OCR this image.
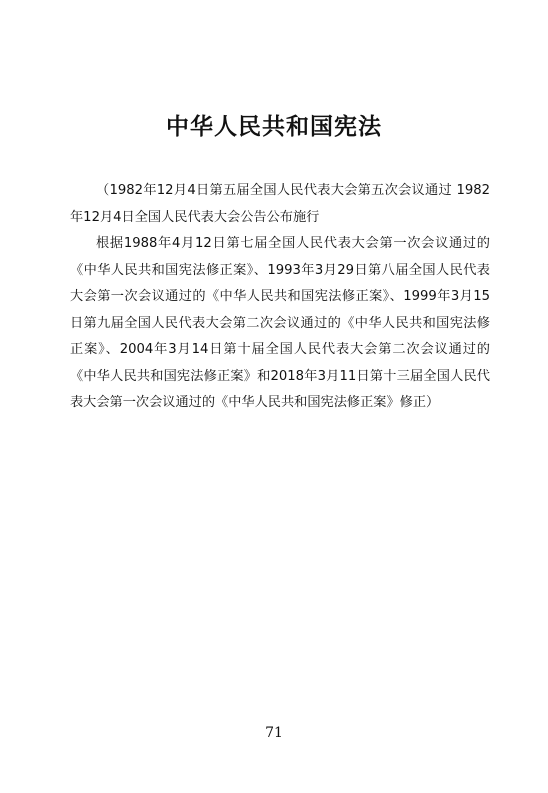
中华人民共和国宪法

（1982年12月4日第五届全国人民代表大会第五次会议通过 1982年12月4日全国人民代表大会公告公布施行

根据1988年4月12日第七届全国人民代表大会第一次会议通过的《中华人民共和国宪法修正案》、1993年3月29日第八届全国人民代表大会第一次会议通过的《中华人民共和国宪法修正案》、1999年3月15日第九届全国人民代表大会第二次会议通过的《中华人民共和国宪法修正案》、2004年3月14日第十届全国人民代表大会第二次会议通过的《中华人民共和国宪法修正案》和2018年3月11日第十三届全国人民代表大会第一次会议通过的《中华人民共和国宪法修正案》修正）

71
